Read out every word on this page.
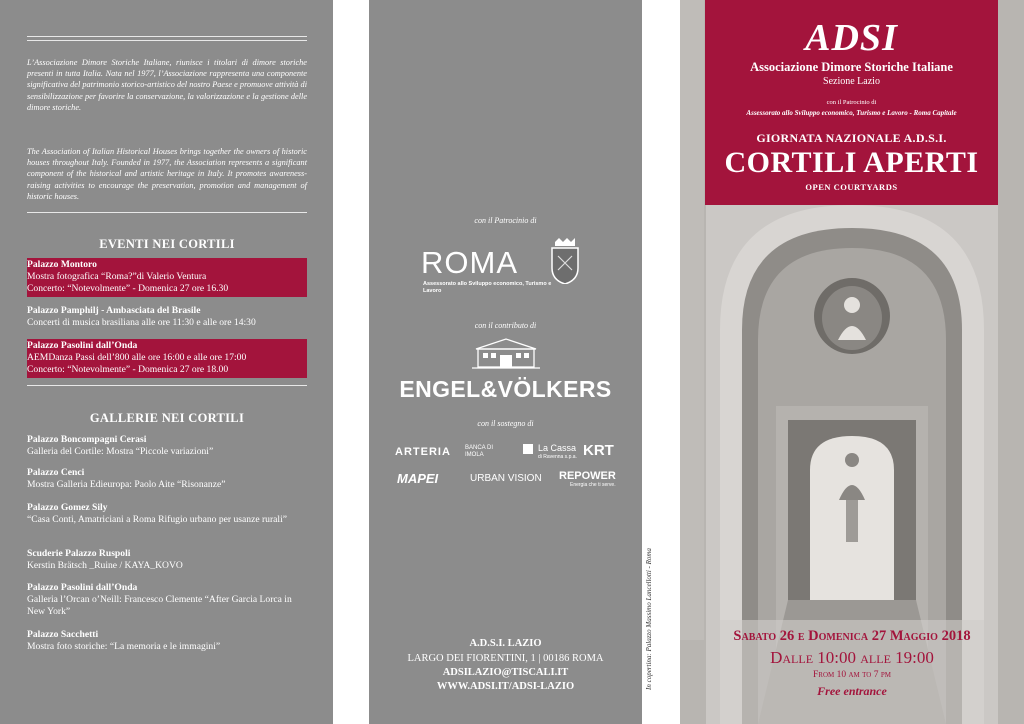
L’Associazione Dimore Storiche Italiane, riunisce i titolari di dimore storiche presenti in tutta Italia. Nata nel 1977, l’Associazione rappresenta una componente significativa del patrimonio storico-artistico del nostro Paese e promuove attività di sensibilizzazione per favorire la conservazione, la valorizzazione e la gestione delle dimore storiche.

The Association of Italian Historical Houses brings together the owners of historic houses throughout Italy. Founded in 1977, the Association represents a significant component of the historical and artistic heritage in Italy. It promotes awareness-raising activities to encourage the preservation, promotion and management of historic houses.

EVENTI NEI CORTILI
Palazzo Montoro
Mostra fotografica “Roma?”di Valerio Ventura
Concerto: “Notevolmente” - Domenica 27 ore 16.30
Palazzo Pamphilj - Ambasciata del Brasile
Concerti di musica brasiliana alle ore 11:30 e alle ore 14:30
Palazzo Pasolini dall’Onda
AEMDanza Passi dell’800 alle ore 16:00 e alle ore 17:00
Concerto: “Notevolmente” - Domenica 27 ore 18.00
GALLERIE NEI CORTILI
Palazzo Boncompagni Cerasi
Galleria del Cortile: Mostra “Piccole variazioni”
Palazzo Cenci
Mostra Galleria Edieuropa: Paolo Aite “Risonanze”
Palazzo Gomez Sily
“Casa Conti, Amatriciani a Roma Rifugio urbano per usanze rurali”
Scuderie Palazzo Ruspoli
Kerstin Brätsch _Ruine / KAYA_KOVO
Palazzo Pasolini dall’Onda
Galleria l’Orcan o’Neill: Francesco Clemente “After Garcia Lorca in New York”
Palazzo Sacchetti
Mostra foto storiche: “La memoria e le immagini”
con il Patrocinio di
ROMA
Assessorato allo Sviluppo economico, Turismo e Lavoro
con il contributo di
ENGEL&VÖLKERS
con il sostegno di
ARTERIA BANCA DI IMOLA
La Cassa
di Ravenna s.p.a. KRT
MAPEI	URBAN VISION REPOWER
Energia che ti serve.
A.D.S.I. LAZIO
LARGO DEI FIORENTINI, 1 | 00186 ROMA
ADSILAZIO@TISCALI.IT
WWW.ADSI.IT/ADSI-LAZIO	In copertina: Palazzo Massimo Lancellotti - Roma
ADSI
Associazione Dimore Storiche Italiane
Sezione Lazio
con il Patrocinio di
Assessorato allo Sviluppo economico, Turismo e Lavoro - Roma Capitale
GIORNATA NAZIONALE A.D.S.I.
CORTILI APERTI
OPEN COURTYARDS
Sabato 26 e Domenica 27 Maggio 2018
Dalle 10:00 alle 19:00
From 10 am to 7 pm
Free entrance
